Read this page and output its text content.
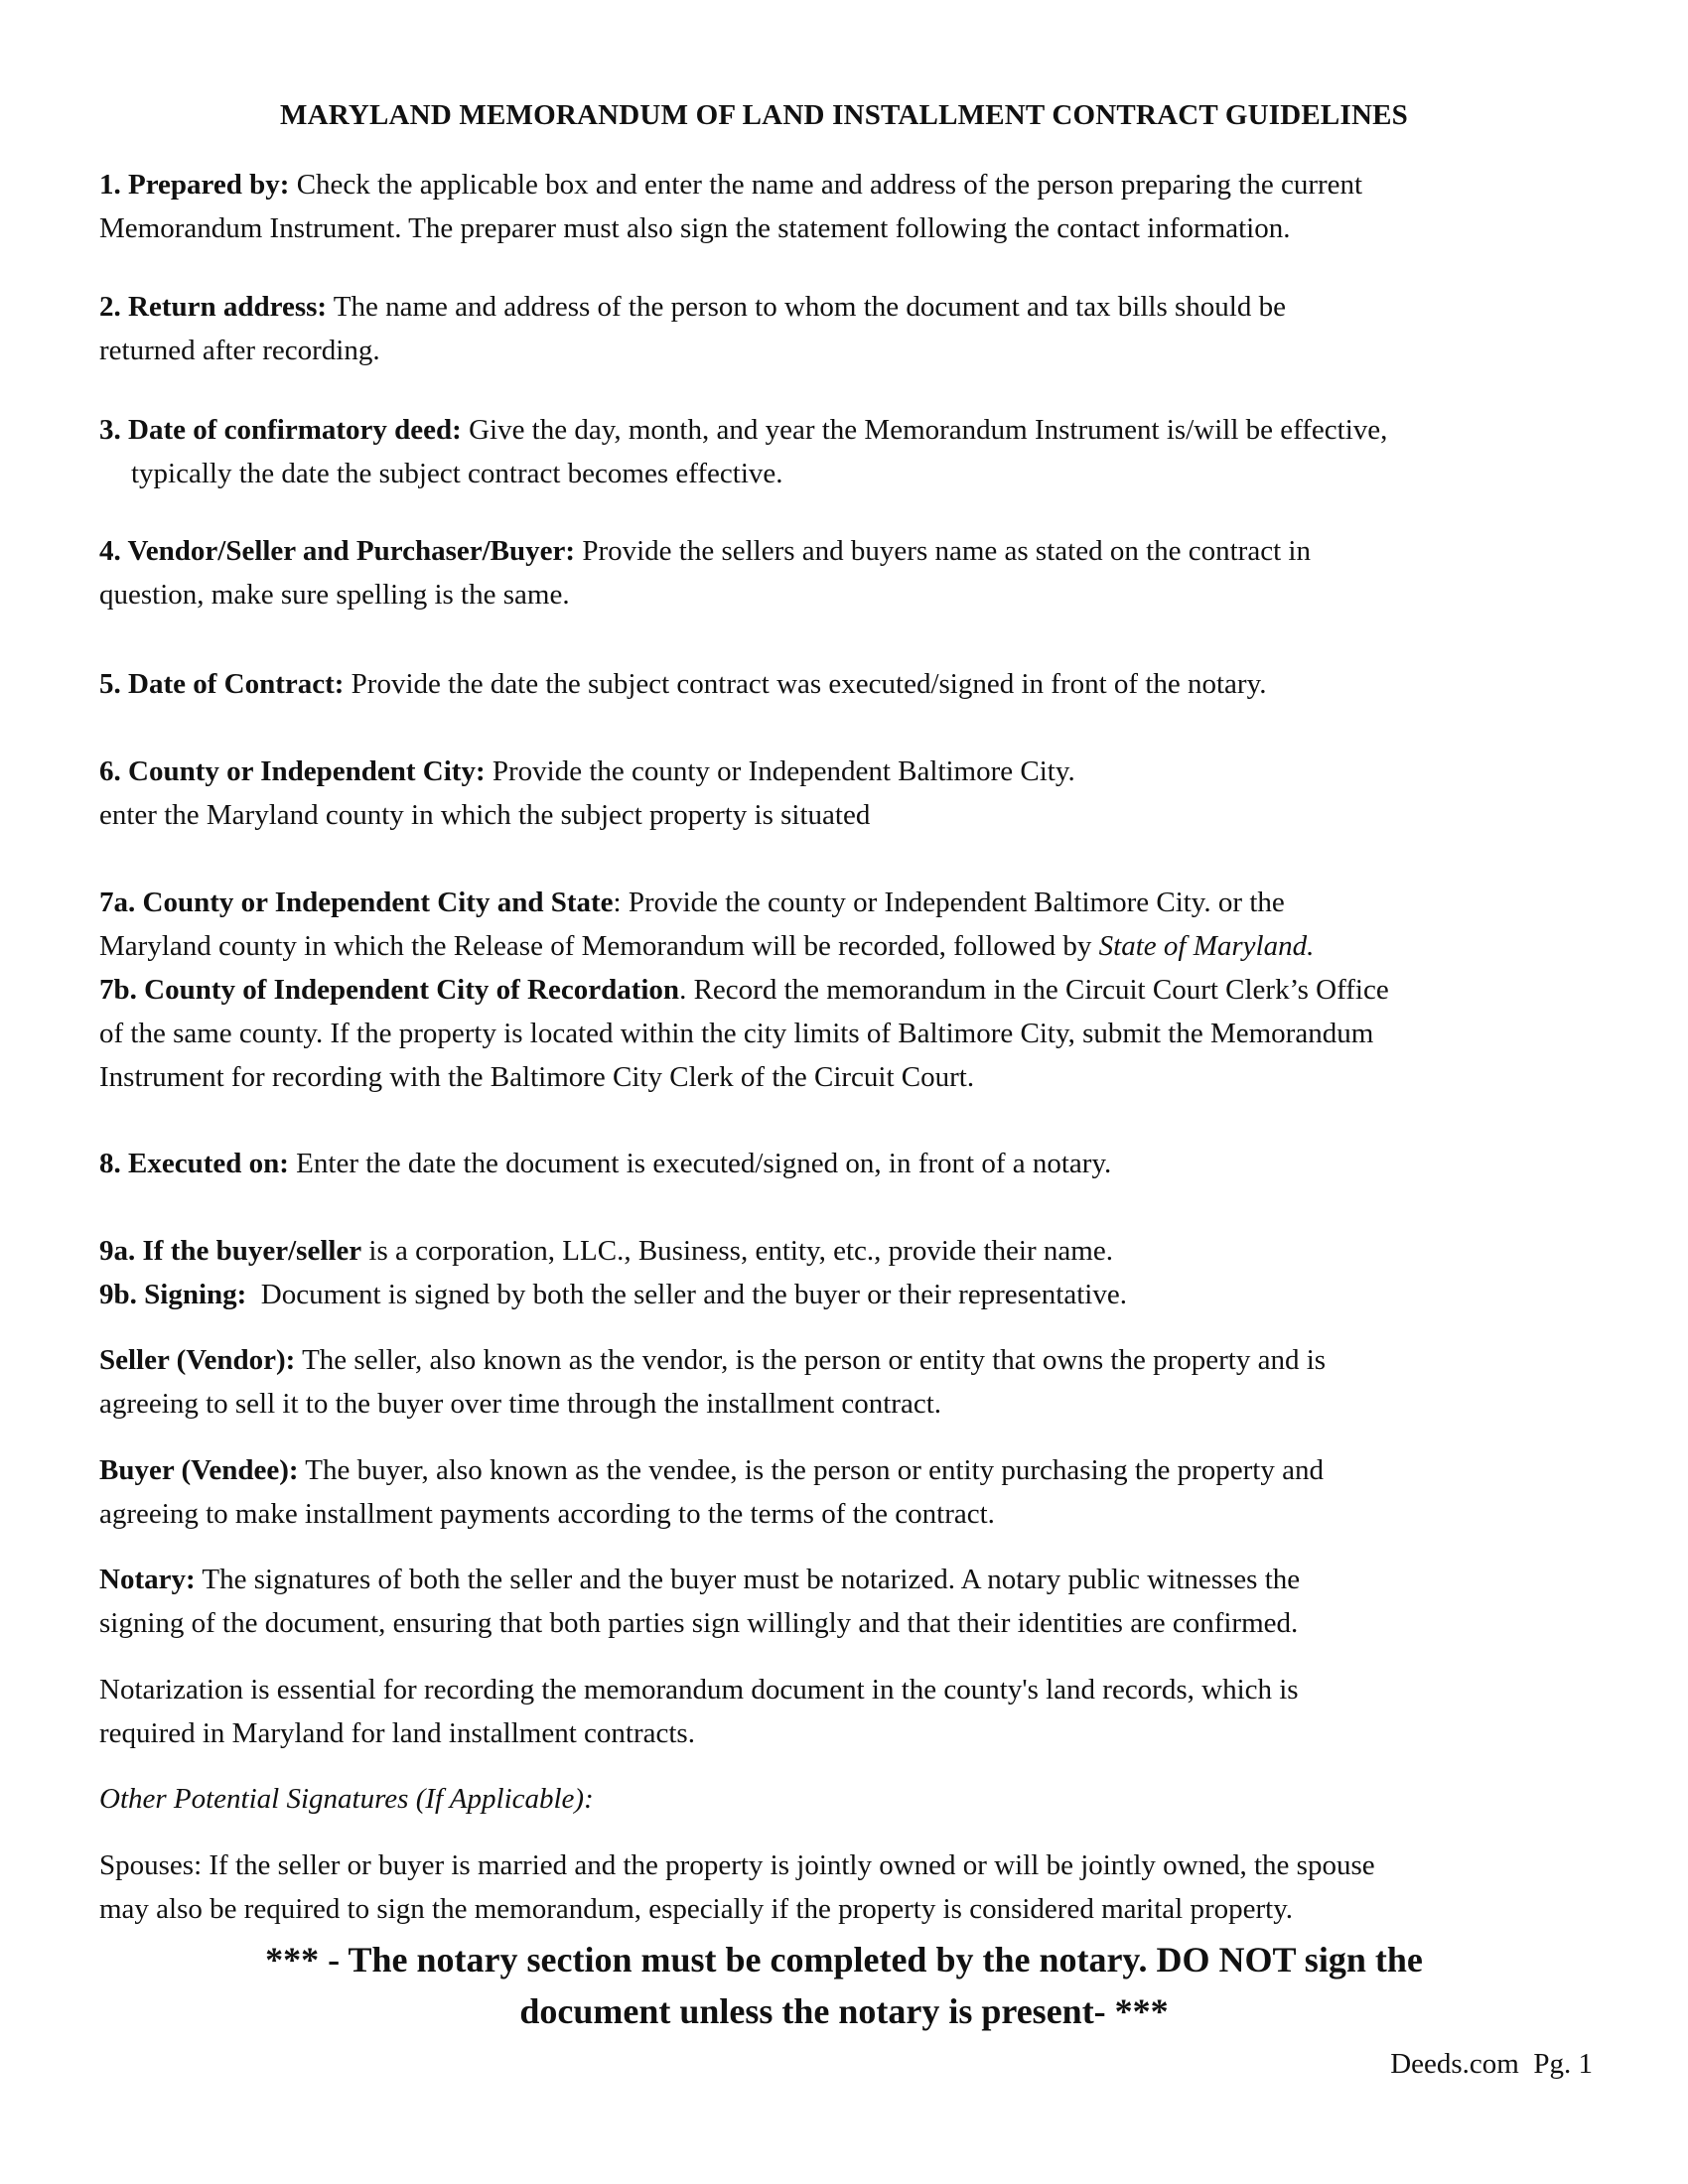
MARYLAND MEMORANDUM OF LAND INSTALLMENT CONTRACT GUIDELINES
1. Prepared by: Check the applicable box and enter the name and address of the person preparing the current
Memorandum Instrument. The preparer must also sign the statement following the contact information.
2. Return address: The name and address of the person to whom the document and tax bills should be
returned after recording.
3. Date of confirmatory deed: Give the day, month, and year the Memorandum Instrument is/will be effective,
typically the date the subject contract becomes effective.
4. Vendor/Seller and Purchaser/Buyer: Provide the sellers and buyers name as stated on the contract in
question, make sure spelling is the same.
5. Date of Contract: Provide the date the subject contract was executed/signed in front of the notary.
6. County or Independent City: Provide the county or Independent Baltimore City.
enter the Maryland county in which the subject property is situated
7a. County or Independent City and State: Provide the county or Independent Baltimore City. or the
Maryland county in which the Release of Memorandum will be recorded, followed by State of Maryland.
7b. County of Independent City of Recordation. Record the memorandum in the Circuit Court Clerk’s Office
of the same county. If the property is located within the city limits of Baltimore City, submit the Memorandum
Instrument for recording with the Baltimore City Clerk of the Circuit Court.
8. Executed on: Enter the date the document is executed/signed on, in front of a notary.
9a. If the buyer/seller is a corporation, LLC., Business, entity, etc., provide their name.
9b. Signing:  Document is signed by both the seller and the buyer or their representative.
Seller (Vendor): The seller, also known as the vendor, is the person or entity that owns the property and is
agreeing to sell it to the buyer over time through the installment contract.
Buyer (Vendee): The buyer, also known as the vendee, is the person or entity purchasing the property and
agreeing to make installment payments according to the terms of the contract.
Notary: The signatures of both the seller and the buyer must be notarized. A notary public witnesses the
signing of the document, ensuring that both parties sign willingly and that their identities are confirmed.
Notarization is essential for recording the memorandum document in the county's land records, which is
required in Maryland for land installment contracts.
Other Potential Signatures (If Applicable):
Spouses: If the seller or buyer is married and the property is jointly owned or will be jointly owned, the spouse
may also be required to sign the memorandum, especially if the property is considered marital property.
*** - The notary section must be completed by the notary. DO NOT sign the
document unless the notary is present- ***
Deeds.com Pg. 1
